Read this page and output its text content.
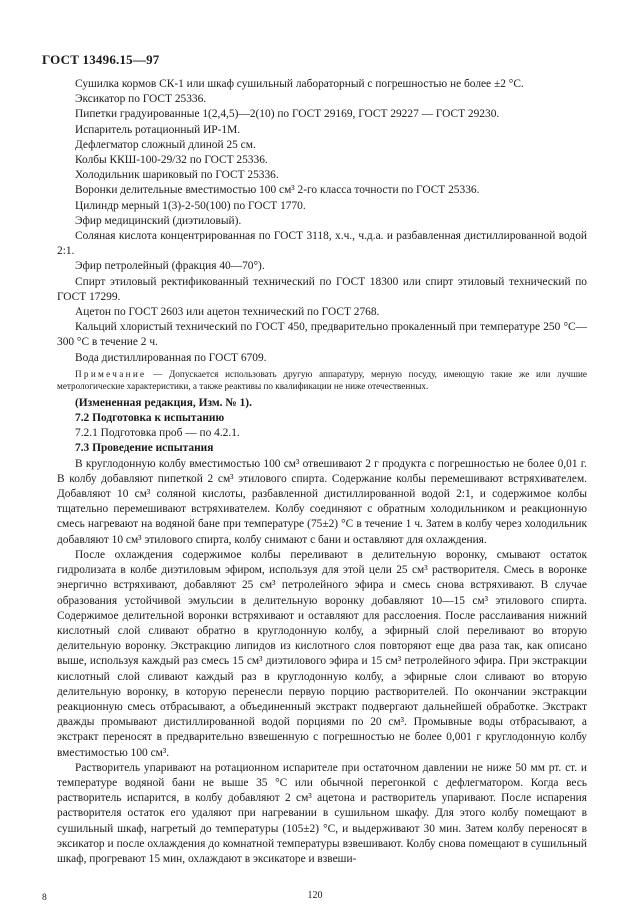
ГОСТ 13496.15—97

Сушилка кормов СК-1 или шкаф сушильный лабораторный с погрешностью не более ±2 °С.

Эксикатор по ГОСТ 25336.

Пипетки градуированные 1(2,4,5)—2(10) по ГОСТ 29169, ГОСТ 29227 — ГОСТ 29230.

Испаритель ротационный ИР-1М.

Дефлегматор сложный длиной 25 см.

Колбы ККШ-100-29/32 по ГОСТ 25336.

Холодильник шариковый по ГОСТ 25336.

Воронки делительные вместимостью 100 см³ 2-го класса точности по ГОСТ 25336.

Цилиндр мерный 1(3)-2-50(100) по ГОСТ 1770.

Эфир медицинский (диэтиловый).

Соляная кислота концентрированная по ГОСТ 3118, х.ч., ч.д.а. и разбавленная дистиллированной водой 2:1.

Эфир петролейный (фракция 40—70°).

Спирт этиловый ректификованный технический по ГОСТ 18300 или спирт этиловый технический по ГОСТ 17299.

Ацетон по ГОСТ 2603 или ацетон технический по ГОСТ 2768.

Кальций хлористый технический по ГОСТ 450, предварительно прокаленный при температуре 250 °С—300 °С в течение 2 ч.

Вода дистиллированная по ГОСТ 6709.

Примечание — Допускается использовать другую аппаратуру, мерную посуду, имеющую такие же или лучшие метрологические характеристики, а также реактивы по квалификации не ниже отечественных.

(Измененная редакция, Изм. № 1).

7.2 Подготовка к испытанию

7.2.1 Подготовка проб — по 4.2.1.

7.3 Проведение испытания

В круглодонную колбу вместимостью 100 см³ отвешивают 2 г продукта с погрешностью не более 0,01 г. В колбу добавляют пипеткой 2 см³ этилового спирта. Содержание колбы перемешивают встряхивателем. Добавляют 10 см³ соляной кислоты, разбавленной дистиллированной водой 2:1, и содержимое колбы тщательно перемешивают встряхивателем. Колбу соединяют с обратным холодильником и реакционную смесь нагревают на водяной бане при температуре (75±2) °С в течение 1 ч. Затем в колбу через холодильник добавляют 10 см³ этилового спирта, колбу снимают с бани и оставляют для охлаждения.

После охлаждения содержимое колбы переливают в делительную воронку, смывают остаток гидролизата в колбе диэтиловым эфиром, используя для этой цели 25 см³ растворителя. Смесь в воронке энергично встряхивают, добавляют 25 см³ петролейного эфира и смесь снова встряхивают. В случае образования устойчивой эмульсии в делительную воронку добавляют 10—15 см³ этилового спирта. Содержимое делительной воронки встряхивают и оставляют для расслоения. После расслаивания нижний кислотный слой сливают обратно в круглодонную колбу, а эфирный слой переливают во вторую делительную воронку. Экстракцию липидов из кислотного слоя повторяют еще два раза так, как описано выше, используя каждый раз смесь 15 см³ диэтилового эфира и 15 см³ петролейного эфира. При экстракции кислотный слой сливают каждый раз в круглодонную колбу, а эфирные слои сливают во вторую делительную воронку, в которую перенесли первую порцию растворителей. По окончании экстракции реакционную смесь отбрасывают, а объединенный экстракт подвергают дальнейшей обработке. Экстракт дважды промывают дистиллированной водой порциями по 20 см³. Промывные воды отбрасывают, а экстракт переносят в предварительно взвешенную с погрешностью не более 0,001 г круглодонную колбу вместимостью 100 см³.

Растворитель упаривают на ротационном испарителе при остаточном давлении не ниже 50 мм рт. ст. и температуре водяной бани не выше 35 °С или обычной перегонкой с дефлегматором. Когда весь растворитель испарится, в колбу добавляют 2 см³ ацетона и растворитель упаривают. После испарения растворителя остаток его удаляют при нагревании в сушильном шкафу. Для этого колбу помещают в сушильный шкаф, нагретый до температуры (105±2) °С, и выдерживают 30 мин. Затем колбу переносят в эксикатор и после охлаждения до комнатной температуры взвешивают. Колбу снова помещают в сушильный шкаф, прогревают 15 мин, охлаждают в эксикаторе и взвеши-

8	120
